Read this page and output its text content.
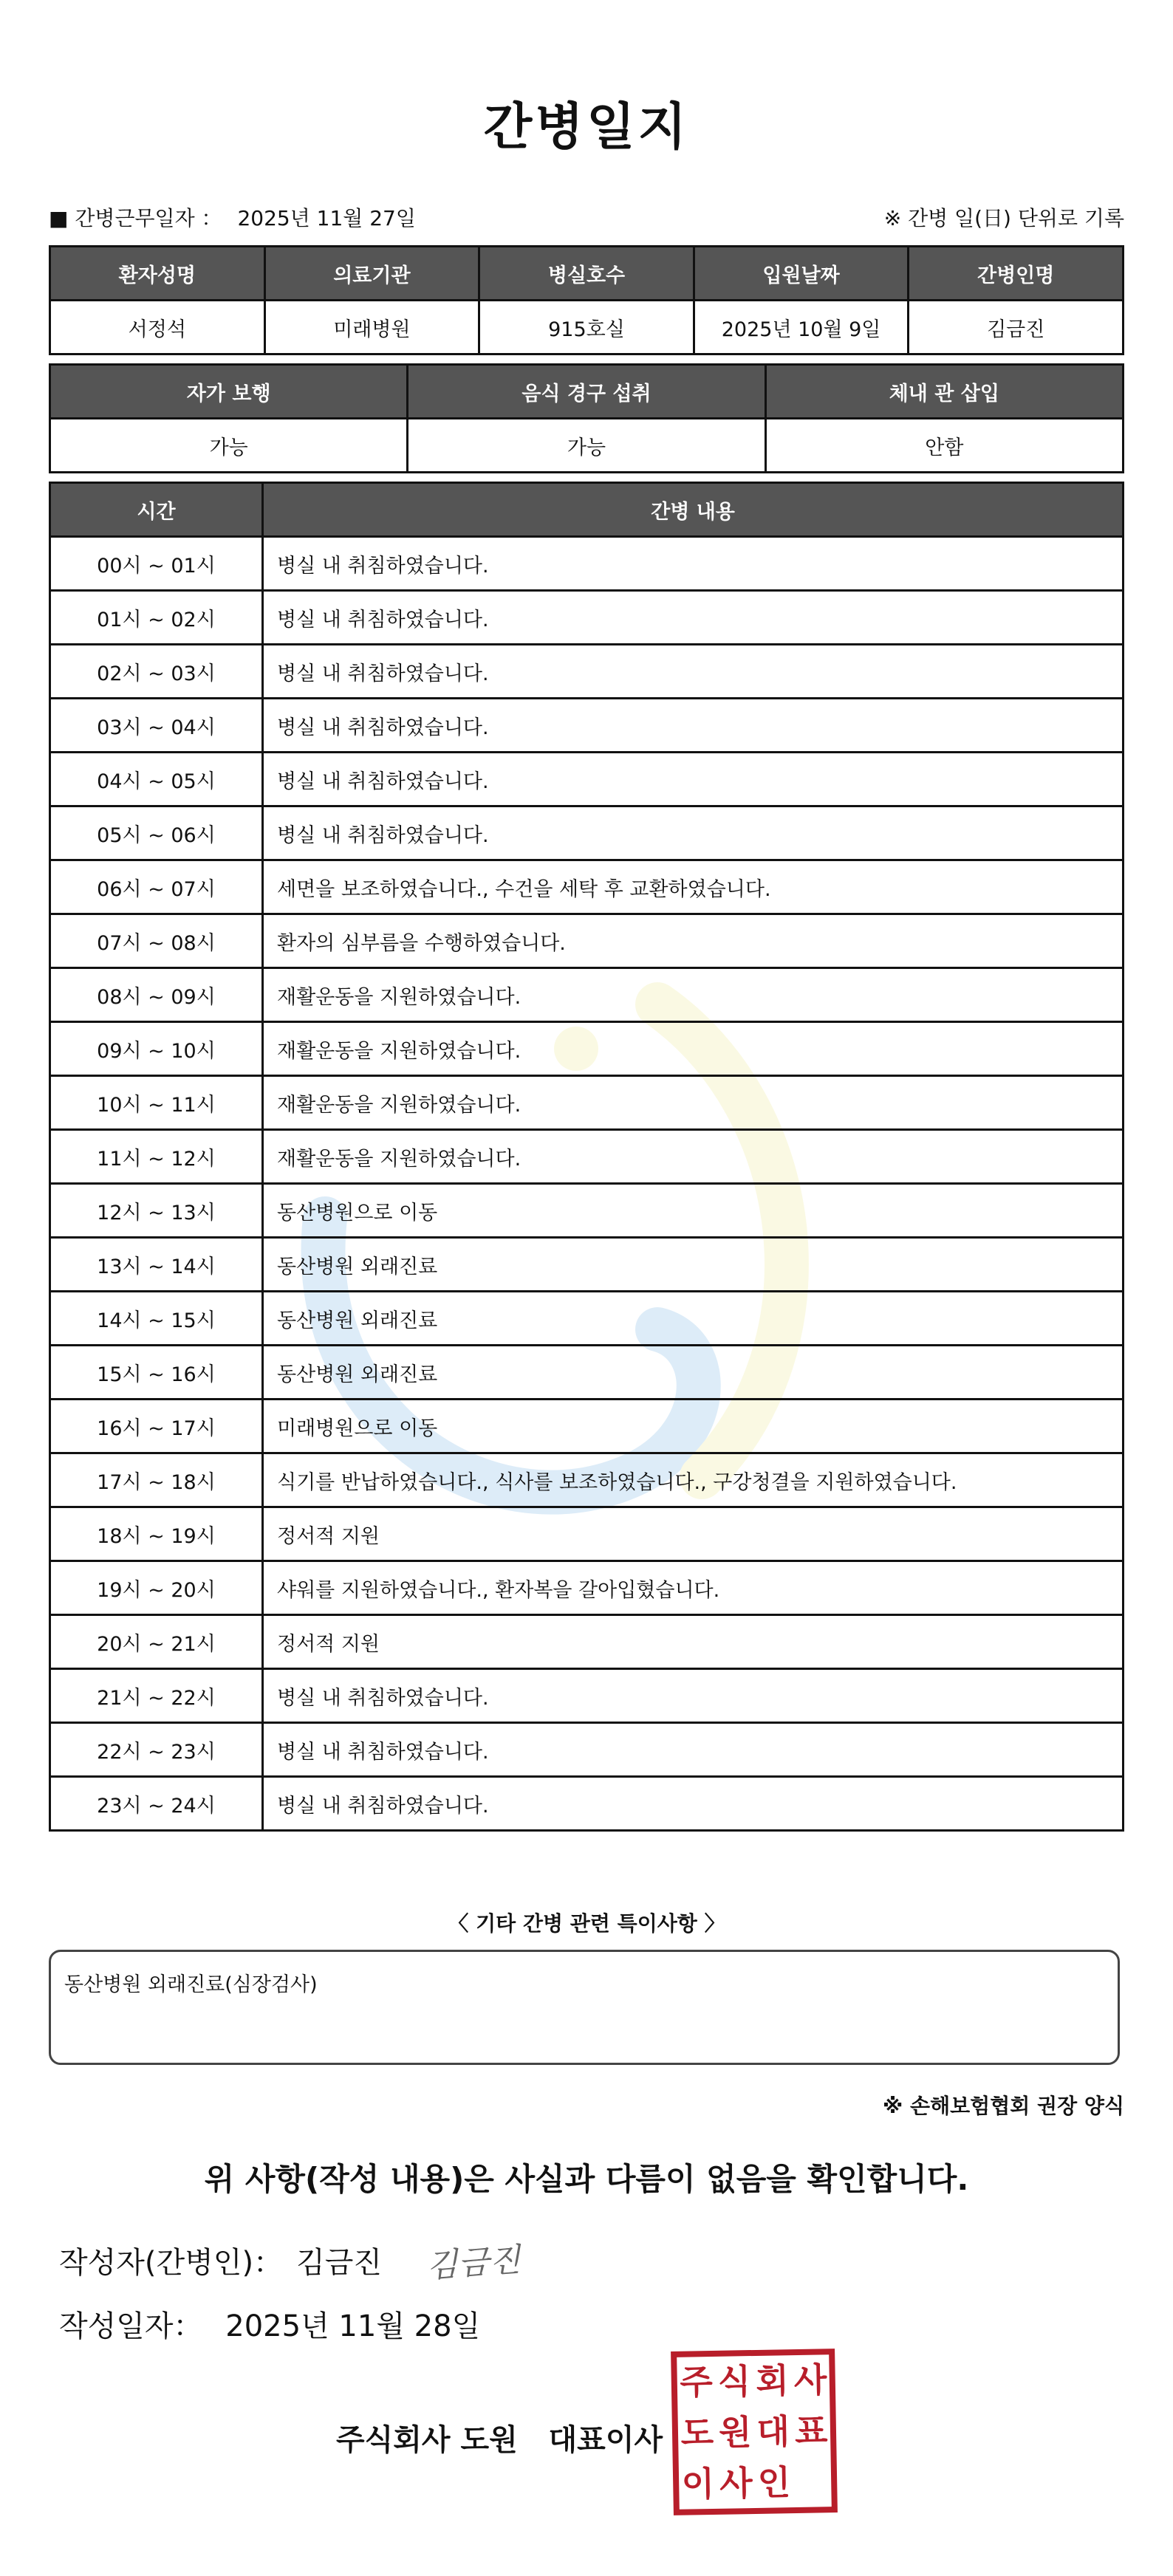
간병일지
■ 간병근무일자 ： 2025년 11월 27일	※ 간병 일(日) 단위로 기록
환자성명	의료기관	병실호수	입원날짜	간병인명
서정석	미래병원	915호실	2025년 10월 9일	김금진
자가 보행	음식 경구 섭취	체내 관 삽입
가능	가능	안함
시간	간병 내용
00시 ~ 01시	병실 내 취침하였습니다.
01시 ~ 02시	병실 내 취침하였습니다.
02시 ~ 03시	병실 내 취침하였습니다.
03시 ~ 04시	병실 내 취침하였습니다.
04시 ~ 05시	병실 내 취침하였습니다.
05시 ~ 06시	병실 내 취침하였습니다.
06시 ~ 07시	세면을 보조하였습니다., 수건을 세탁 후 교환하였습니다.
07시 ~ 08시	환자의 심부름을 수행하였습니다.
08시 ~ 09시	재활운동을 지원하였습니다.
09시 ~ 10시	재활운동을 지원하였습니다.
10시 ~ 11시	재활운동을 지원하였습니다.
11시 ~ 12시	재활운동을 지원하였습니다.
12시 ~ 13시	동산병원으로 이동
13시 ~ 14시	동산병원 외래진료
14시 ~ 15시	동산병원 외래진료
15시 ~ 16시	동산병원 외래진료
16시 ~ 17시	미래병원으로 이동
17시 ~ 18시	식기를 반납하였습니다., 식사를 보조하였습니다., 구강청결을 지원하였습니다.
18시 ~ 19시	정서적 지원
19시 ~ 20시	샤워를 지원하였습니다., 환자복을 갈아입혔습니다.
20시 ~ 21시	정서적 지원
21시 ~ 22시	병실 내 취침하였습니다.
22시 ~ 23시	병실 내 취침하였습니다.
23시 ~ 24시	병실 내 취침하였습니다.
〈 기타 간병 관련 특이사항 〉
동산병원 외래진료(심장검사)
※ 손해보험협회 권장 양식
위 사항(작성 내용)은 사실과 다름이 없음을 확인합니다.
작성자(간병인)： 김금진 김금진
작성일자： 2025년 11월 28일
주식회사 도원   대표이사
주 식 회 사
도 원 대 표
이 사 인
